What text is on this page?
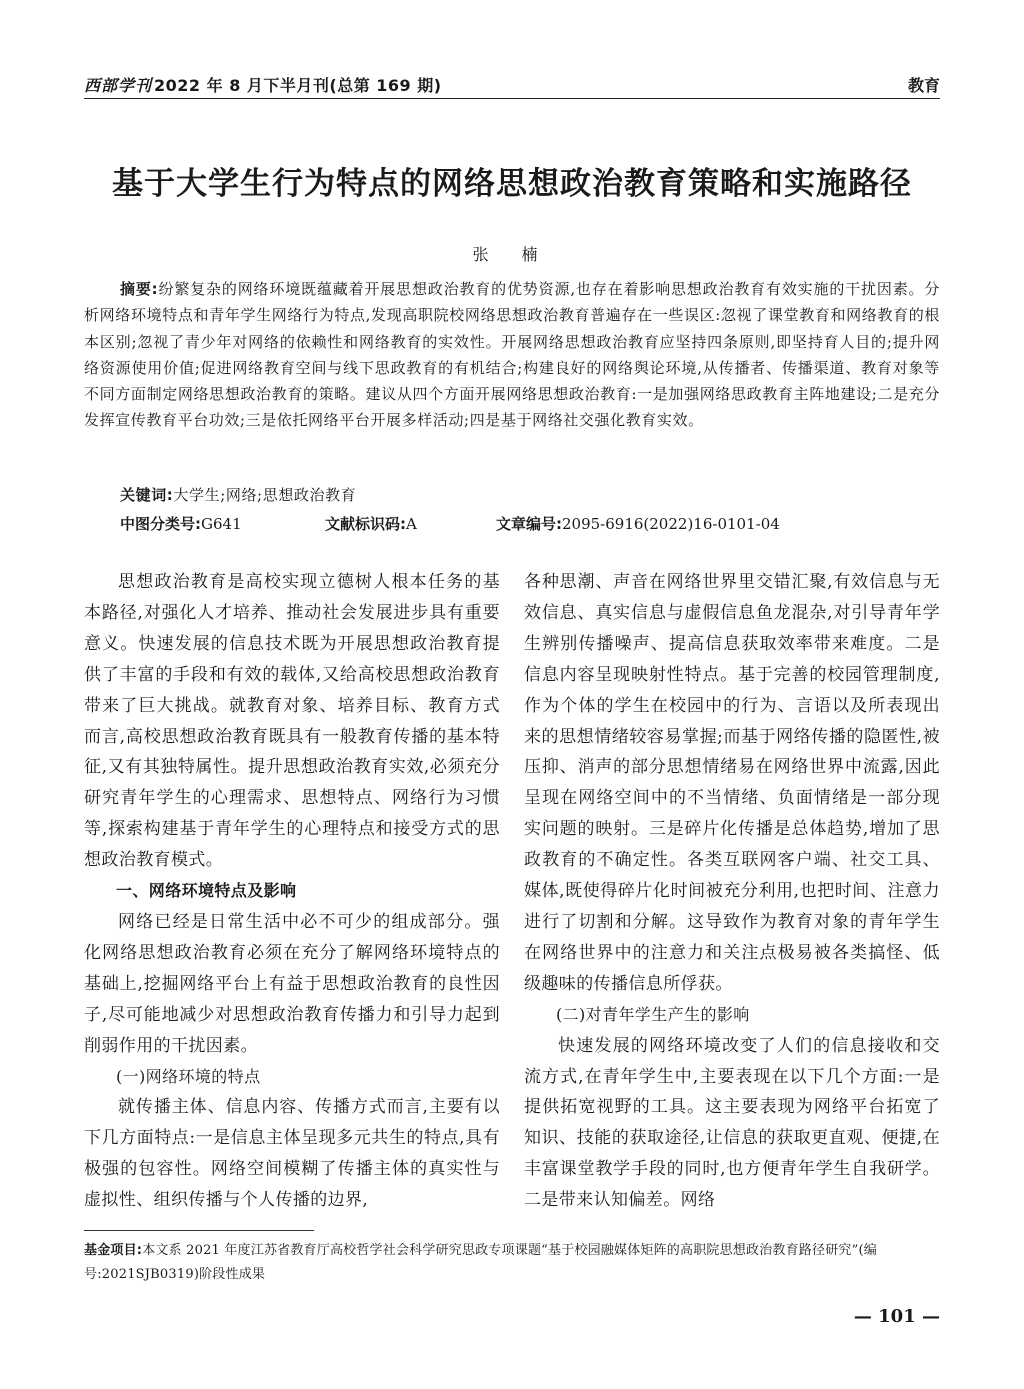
西部学刊 2022 年 8 月下半月刊(总第 169 期)	教育
基于大学生行为特点的网络思想政治教育策略和实施路径
张 楠
摘要:纷繁复杂的网络环境既蕴藏着开展思想政治教育的优势资源,也存在着影响思想政治教育有效实施的干扰因素。分析网络环境特点和青年学生网络行为特点,发现高职院校网络思想政治教育普遍存在一些误区:忽视了课堂教育和网络教育的根本区别;忽视了青少年对网络的依赖性和网络教育的实效性。开展网络思想政治教育应坚持四条原则,即坚持育人目的;提升网络资源使用价值;促进网络教育空间与线下思政教育的有机结合;构建良好的网络舆论环境,从传播者、传播渠道、教育对象等不同方面制定网络思想政治教育的策略。建议从四个方面开展网络思想政治教育:一是加强网络思政教育主阵地建设;二是充分发挥宣传教育平台功效;三是依托网络平台开展多样活动;四是基于网络社交强化教育实效。
关键词:大学生;网络;思想政治教育
中图分类号:G641	文献标识码:A	文章编号:2095-6916(2022)16-0101-04

思想政治教育是高校实现立德树人根本任务的基本路径,对强化人才培养、推动社会发展进步具有重要意义。快速发展的信息技术既为开展思想政治教育提供了丰富的手段和有效的载体,又给高校思想政治教育带来了巨大挑战。就教育对象、培养目标、教育方式而言,高校思想政治教育既具有一般教育传播的基本特征,又有其独特属性。提升思想政治教育实效,必须充分研究青年学生的心理需求、思想特点、网络行为习惯等,探索构建基于青年学生的心理特点和接受方式的思想政治教育模式。

一、网络环境特点及影响

网络已经是日常生活中必不可少的组成部分。强化网络思想政治教育必须在充分了解网络环境特点的基础上,挖掘网络平台上有益于思想政治教育的良性因子,尽可能地减少对思想政治教育传播力和引导力起到削弱作用的干扰因素。

(一)网络环境的特点

就传播主体、信息内容、传播方式而言,主要有以下几方面特点:一是信息主体呈现多元共生的特点,具有极强的包容性。网络空间模糊了传播主体的真实性与虚拟性、组织传播与个人传播的边界,

各种思潮、声音在网络世界里交错汇聚,有效信息与无效信息、真实信息与虚假信息鱼龙混杂,对引导青年学生辨别传播噪声、提高信息获取效率带来难度。二是信息内容呈现映射性特点。基于完善的校园管理制度,作为个体的学生在校园中的行为、言语以及所表现出来的思想情绪较容易掌握;而基于网络传播的隐匿性,被压抑、消声的部分思想情绪易在网络世界中流露,因此呈现在网络空间中的不当情绪、负面情绪是一部分现实问题的映射。三是碎片化传播是总体趋势,增加了思政教育的不确定性。各类互联网客户端、社交工具、媒体,既使得碎片化时间被充分利用,也把时间、注意力进行了切割和分解。这导致作为教育对象的青年学生在网络世界中的注意力和关注点极易被各类搞怪、低级趣味的传播信息所俘获。

(二)对青年学生产生的影响

快速发展的网络环境改变了人们的信息接收和交流方式,在青年学生中,主要表现在以下几个方面:一是提供拓宽视野的工具。这主要表现为网络平台拓宽了知识、技能的获取途径,让信息的获取更直观、便捷,在丰富课堂教学手段的同时,也方便青年学生自我研学。二是带来认知偏差。网络

基金项目:本文系 2021 年度江苏省教育厅高校哲学社会科学研究思政专项课题“基于校园融媒体矩阵的高职院思想政治教育路径研究”(编号:2021SJB0319)阶段性成果
— 101 —
